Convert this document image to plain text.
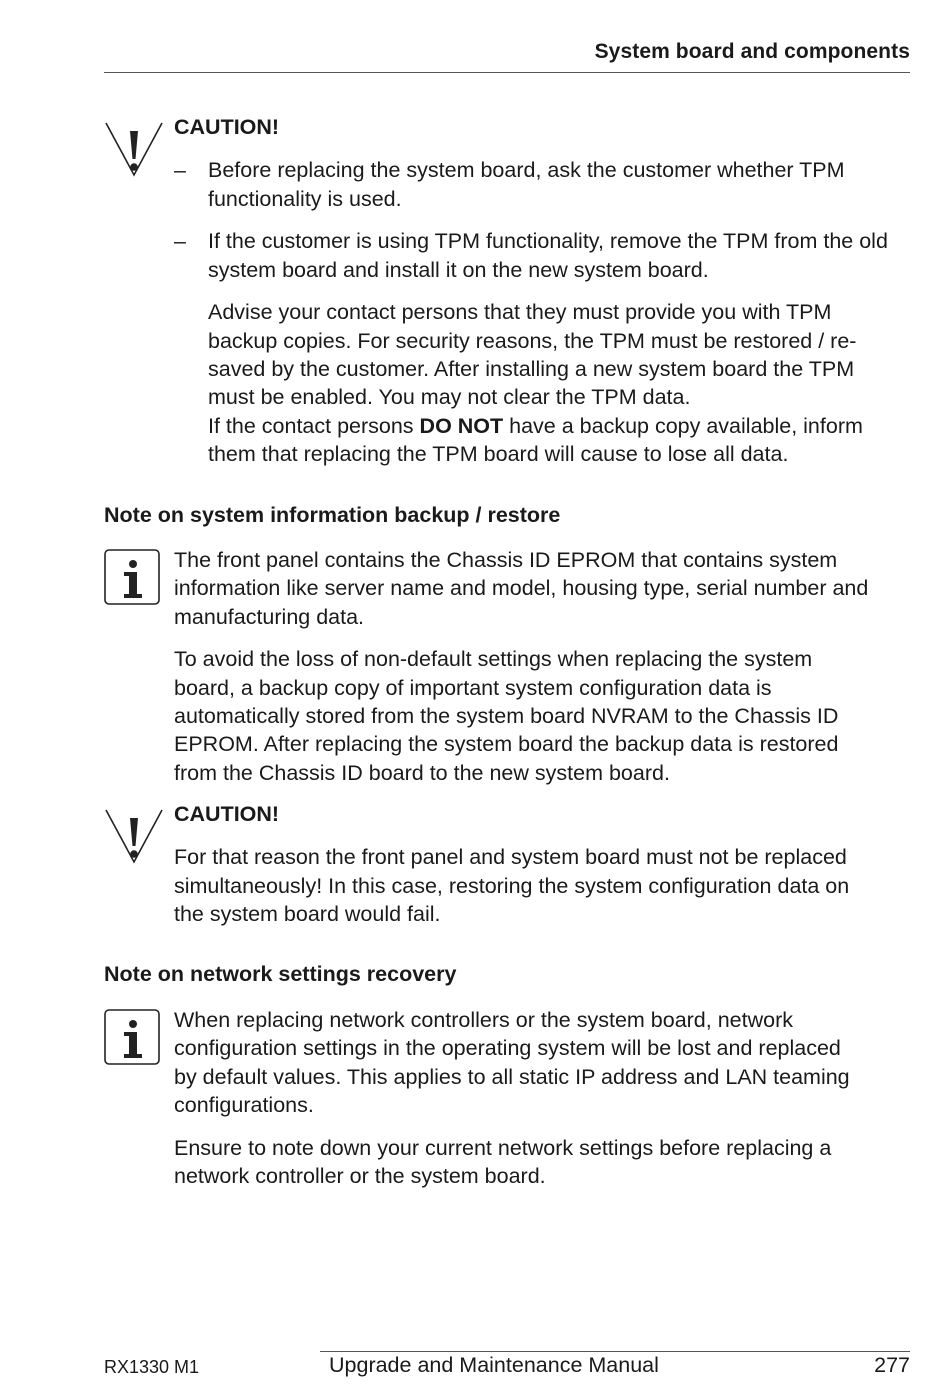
System board and components

CAUTION!

– Before replacing the system board, ask the customer whether TPM functionality is used.

– If the customer is using TPM functionality, remove the TPM from the old system board and install it on the new system board.

Advise your contact persons that they must provide you with TPM

backup copies. For security reasons, the TPM must be restored / re-

saved by the customer. After installing a new system board the TPM

must be enabled. You may not clear the TPM data.

If the contact persons DO NOT have a backup copy available, inform

them that replacing the TPM board will cause to lose all data.

Note on system information backup / restore

The front panel contains the Chassis ID EPROM that contains system

information like server name and model, housing type, serial number and

manufacturing data.

To avoid the loss of non-default settings when replacing the system

board, a backup copy of important system configuration data is

automatically stored from the system board NVRAM to the Chassis ID

EPROM. After replacing the system board the backup data is restored

from the Chassis ID board to the new system board.

CAUTION!

For that reason the front panel and system board must not be replaced

simultaneously! In this case, restoring the system configuration data on

the system board would fail.

Note on network settings recovery

When replacing network controllers or the system board, network

configuration settings in the operating system will be lost and replaced

by default values. This applies to all static IP address and LAN teaming

configurations.

Ensure to note down your current network settings before replacing a

network controller or the system board.

RX1330 M1	Upgrade and Maintenance Manual	277
